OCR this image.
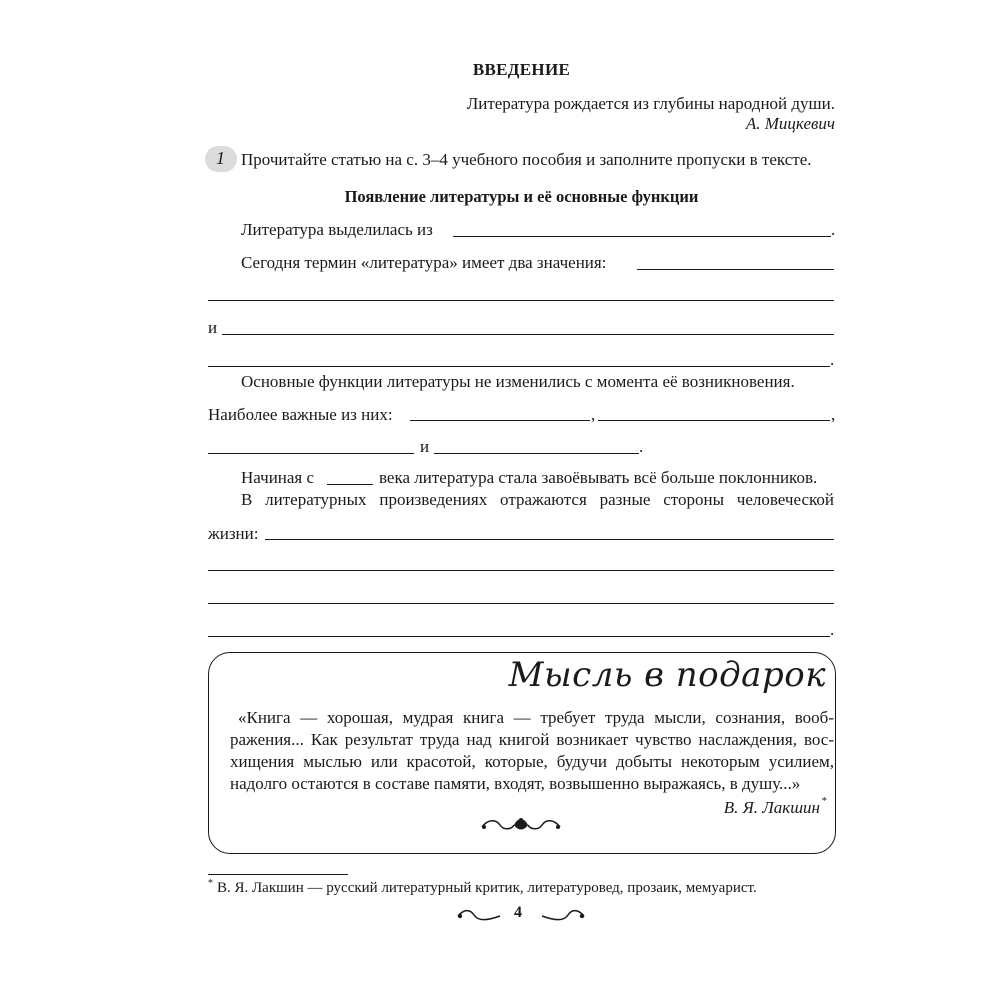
ВВЕДЕНИЕ
Литература рождается из глубины народной души.
А. Мицкевич
1 Прочитайте статью на с. 3–4 учебного пособия и заполните пропуски в тексте.
Появление литературы и её основные функции
Литература выделилась из	.
Сегодня термин «литература» имеет два значения:
и
.
Основные функции литературы не изменились с момента её возникновения.
Наиболее важные из них:	,	,
и	.
Начиная с	века литература стала завоёвывать всё больше поклонников.
В литературных произведениях отражаются разные стороны человеческой
жизни:
.
Мысль в подарок
«Книга — хорошая, мудрая книга — требует труда мысли, сознания, вооб-
ражения... Как результат труда над книгой возникает чувство наслаждения, вос-
хищения мыслью или красотой, которые, будучи добыты некоторым усилием,
надолго остаются в составе памяти, входят, возвышенно выражаясь, в душу...»
В. Я. Лакшин *
* В. Я. Лакшин — русский литературный критик, литературовед, прозаик, мемуарист.
4
